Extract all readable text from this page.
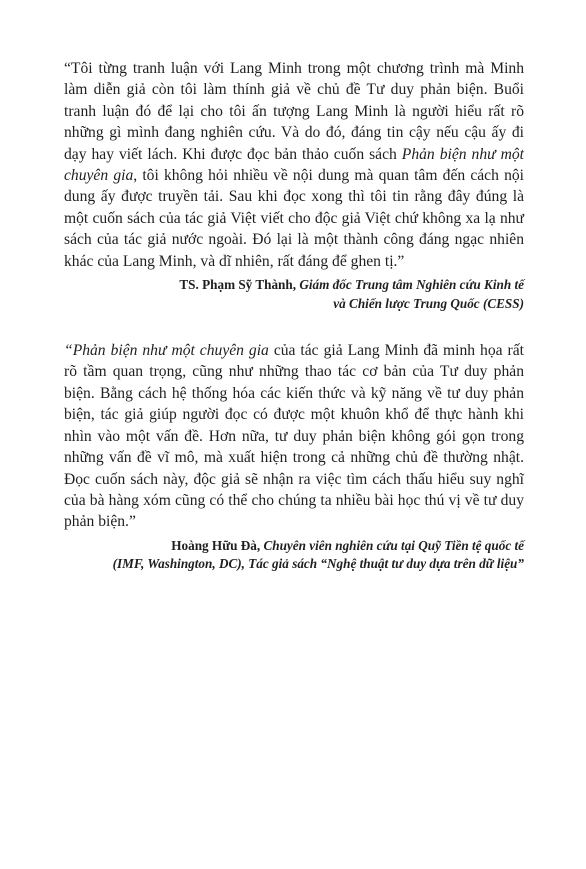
“Tôi từng tranh luận với Lang Minh trong một chương trình mà Minh làm diễn giả còn tôi làm thính giả về chủ đề Tư duy phản biện. Buổi tranh luận đó để lại cho tôi ấn tượng Lang Minh là người hiểu rất rõ những gì mình đang nghiên cứu. Và do đó, đáng tin cậy nếu cậu ấy đi dạy hay viết lách. Khi được đọc bản thảo cuốn sách Phản biện như một chuyên gia, tôi không hỏi nhiều về nội dung mà quan tâm đến cách nội dung ấy được truyền tải. Sau khi đọc xong thì tôi tin rằng đây đúng là một cuốn sách của tác giả Việt viết cho độc giả Việt chứ không xa lạ như sách của tác giả nước ngoài. Đó lại là một thành công đáng ngạc nhiên khác của Lang Minh, và dĩ nhiên, rất đáng để ghen tị.”

TS. Phạm Sỹ Thành, Giám đốc Trung tâm Nghiên cứu Kinh tế
và Chiến lược Trung Quốc (CESS)

“Phản biện như một chuyên gia của tác giả Lang Minh đã minh họa rất rõ tầm quan trọng, cũng như những thao tác cơ bản của Tư duy phản biện. Bằng cách hệ thống hóa các kiến thức và kỹ năng về tư duy phản biện, tác giả giúp người đọc có được một khuôn khổ để thực hành khi nhìn vào một vấn đề. Hơn nữa, tư duy phản biện không gói gọn trong những vấn đề vĩ mô, mà xuất hiện trong cả những chủ đề thường nhật. Đọc cuốn sách này, độc giả sẽ nhận ra việc tìm cách thấu hiểu suy nghĩ của bà hàng xóm cũng có thể cho chúng ta nhiều bài học thú vị về tư duy phản biện.”

Hoàng Hữu Đà, Chuyên viên nghiên cứu tại Quỹ Tiền tệ quốc tế
(IMF, Washington, DC), Tác giả sách “Nghệ thuật tư duy dựa trên dữ liệu”
